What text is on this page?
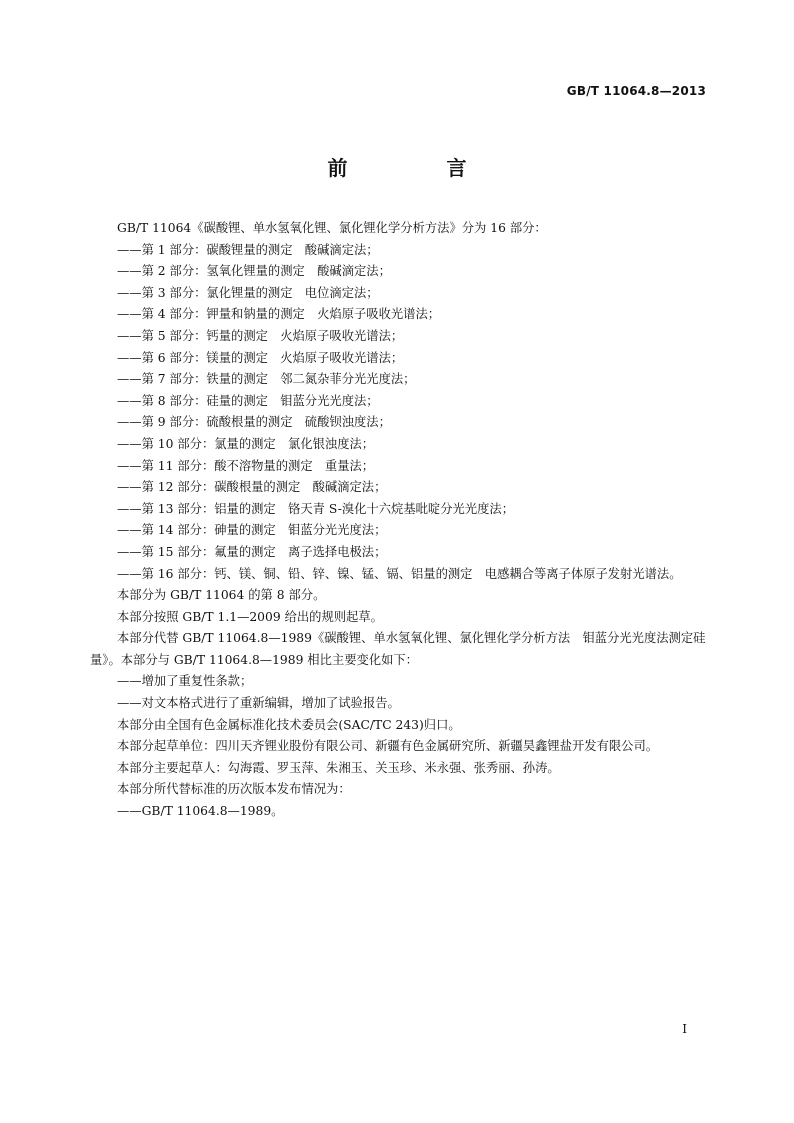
GB/T 11064.8—2013
前 言
GB/T 11064《碳酸锂、单水氢氧化锂、氯化锂化学分析方法》分为 16 部分：
——第 1 部分：碳酸锂量的测定　酸碱滴定法；
——第 2 部分：氢氧化锂量的测定　酸碱滴定法；
——第 3 部分：氯化锂量的测定　电位滴定法；
——第 4 部分：钾量和钠量的测定　火焰原子吸收光谱法；
——第 5 部分：钙量的测定　火焰原子吸收光谱法；
——第 6 部分：镁量的测定　火焰原子吸收光谱法；
——第 7 部分：铁量的测定　邻二氮杂菲分光光度法；
——第 8 部分：硅量的测定　钼蓝分光光度法；
——第 9 部分：硫酸根量的测定　硫酸钡浊度法；
——第 10 部分：氯量的测定　氯化银浊度法；
——第 11 部分：酸不溶物量的测定　重量法；
——第 12 部分：碳酸根量的测定　酸碱滴定法；
——第 13 部分：铝量的测定　铬天青 S-溴化十六烷基吡啶分光光度法；
——第 14 部分：砷量的测定　钼蓝分光光度法；
——第 15 部分：氟量的测定　离子选择电极法；
——第 16 部分：钙、镁、铜、铅、锌、镍、锰、镉、铝量的测定　电感耦合等离子体原子发射光谱法。
本部分为 GB/T 11064 的第 8 部分。
本部分按照 GB/T 1.1—2009 给出的规则起草。
本部分代替 GB/T 11064.8—1989《碳酸锂、单水氢氧化锂、氯化锂化学分析方法　钼蓝分光光度法测定硅量》。本部分与 GB/T 11064.8—1989 相比主要变化如下：
——增加了重复性条款；
——对文本格式进行了重新编辑，增加了试验报告。
本部分由全国有色金属标准化技术委员会(SAC/TC 243)归口。
本部分起草单位：四川天齐锂业股份有限公司、新疆有色金属研究所、新疆昊鑫锂盐开发有限公司。
本部分主要起草人：勾海霞、罗玉萍、朱湘玉、关玉珍、米永强、张秀丽、孙涛。
本部分所代替标准的历次版本发布情况为：
——GB/T 11064.8—1989。
I
